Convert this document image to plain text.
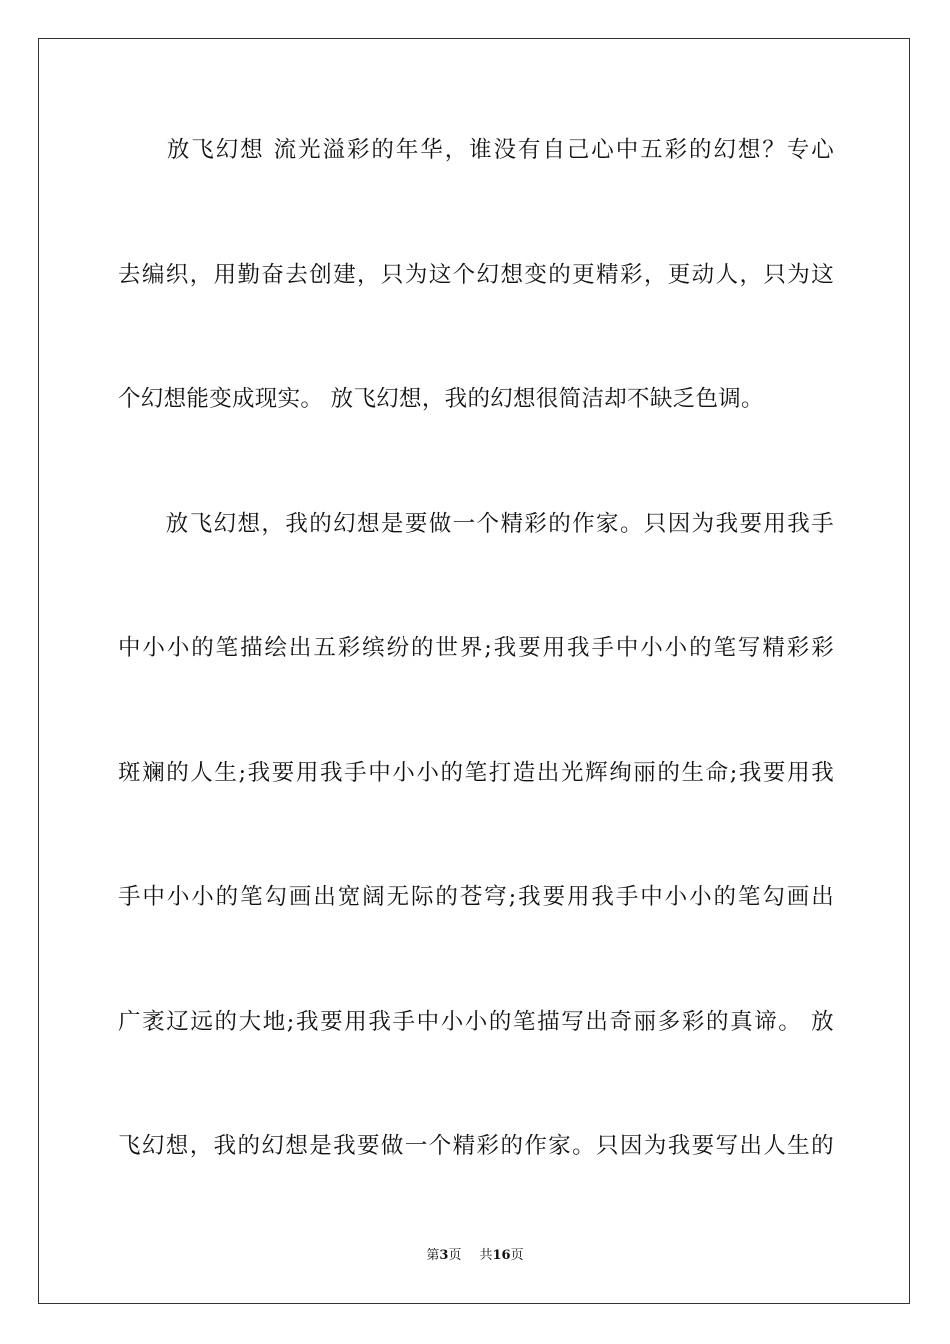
　　放飞幻想 流光溢彩的年华，谁没有自己心中五彩的幻想？专心
去编织，用勤奋去创建，只为这个幻想变的更精彩，更动人，只为这
个幻想能变成现实。 放飞幻想，我的幻想很简洁却不缺乏色调。
　　放飞幻想，我的幻想是要做一个精彩的作家。只因为我要用我手
中小小的笔描绘出五彩缤纷的世界;我要用我手中小小的笔写精彩彩
斑斓的人生;我要用我手中小小的笔打造出光辉绚丽的生命;我要用我
手中小小的笔勾画出宽阔无际的苍穹;我要用我手中小小的笔勾画出
广袤辽远的大地;我要用我手中小小的笔描写出奇丽多彩的真谛。 放
飞幻想，我的幻想是我要做一个精彩的作家。只因为我要写出人生的
第3页 共16页
